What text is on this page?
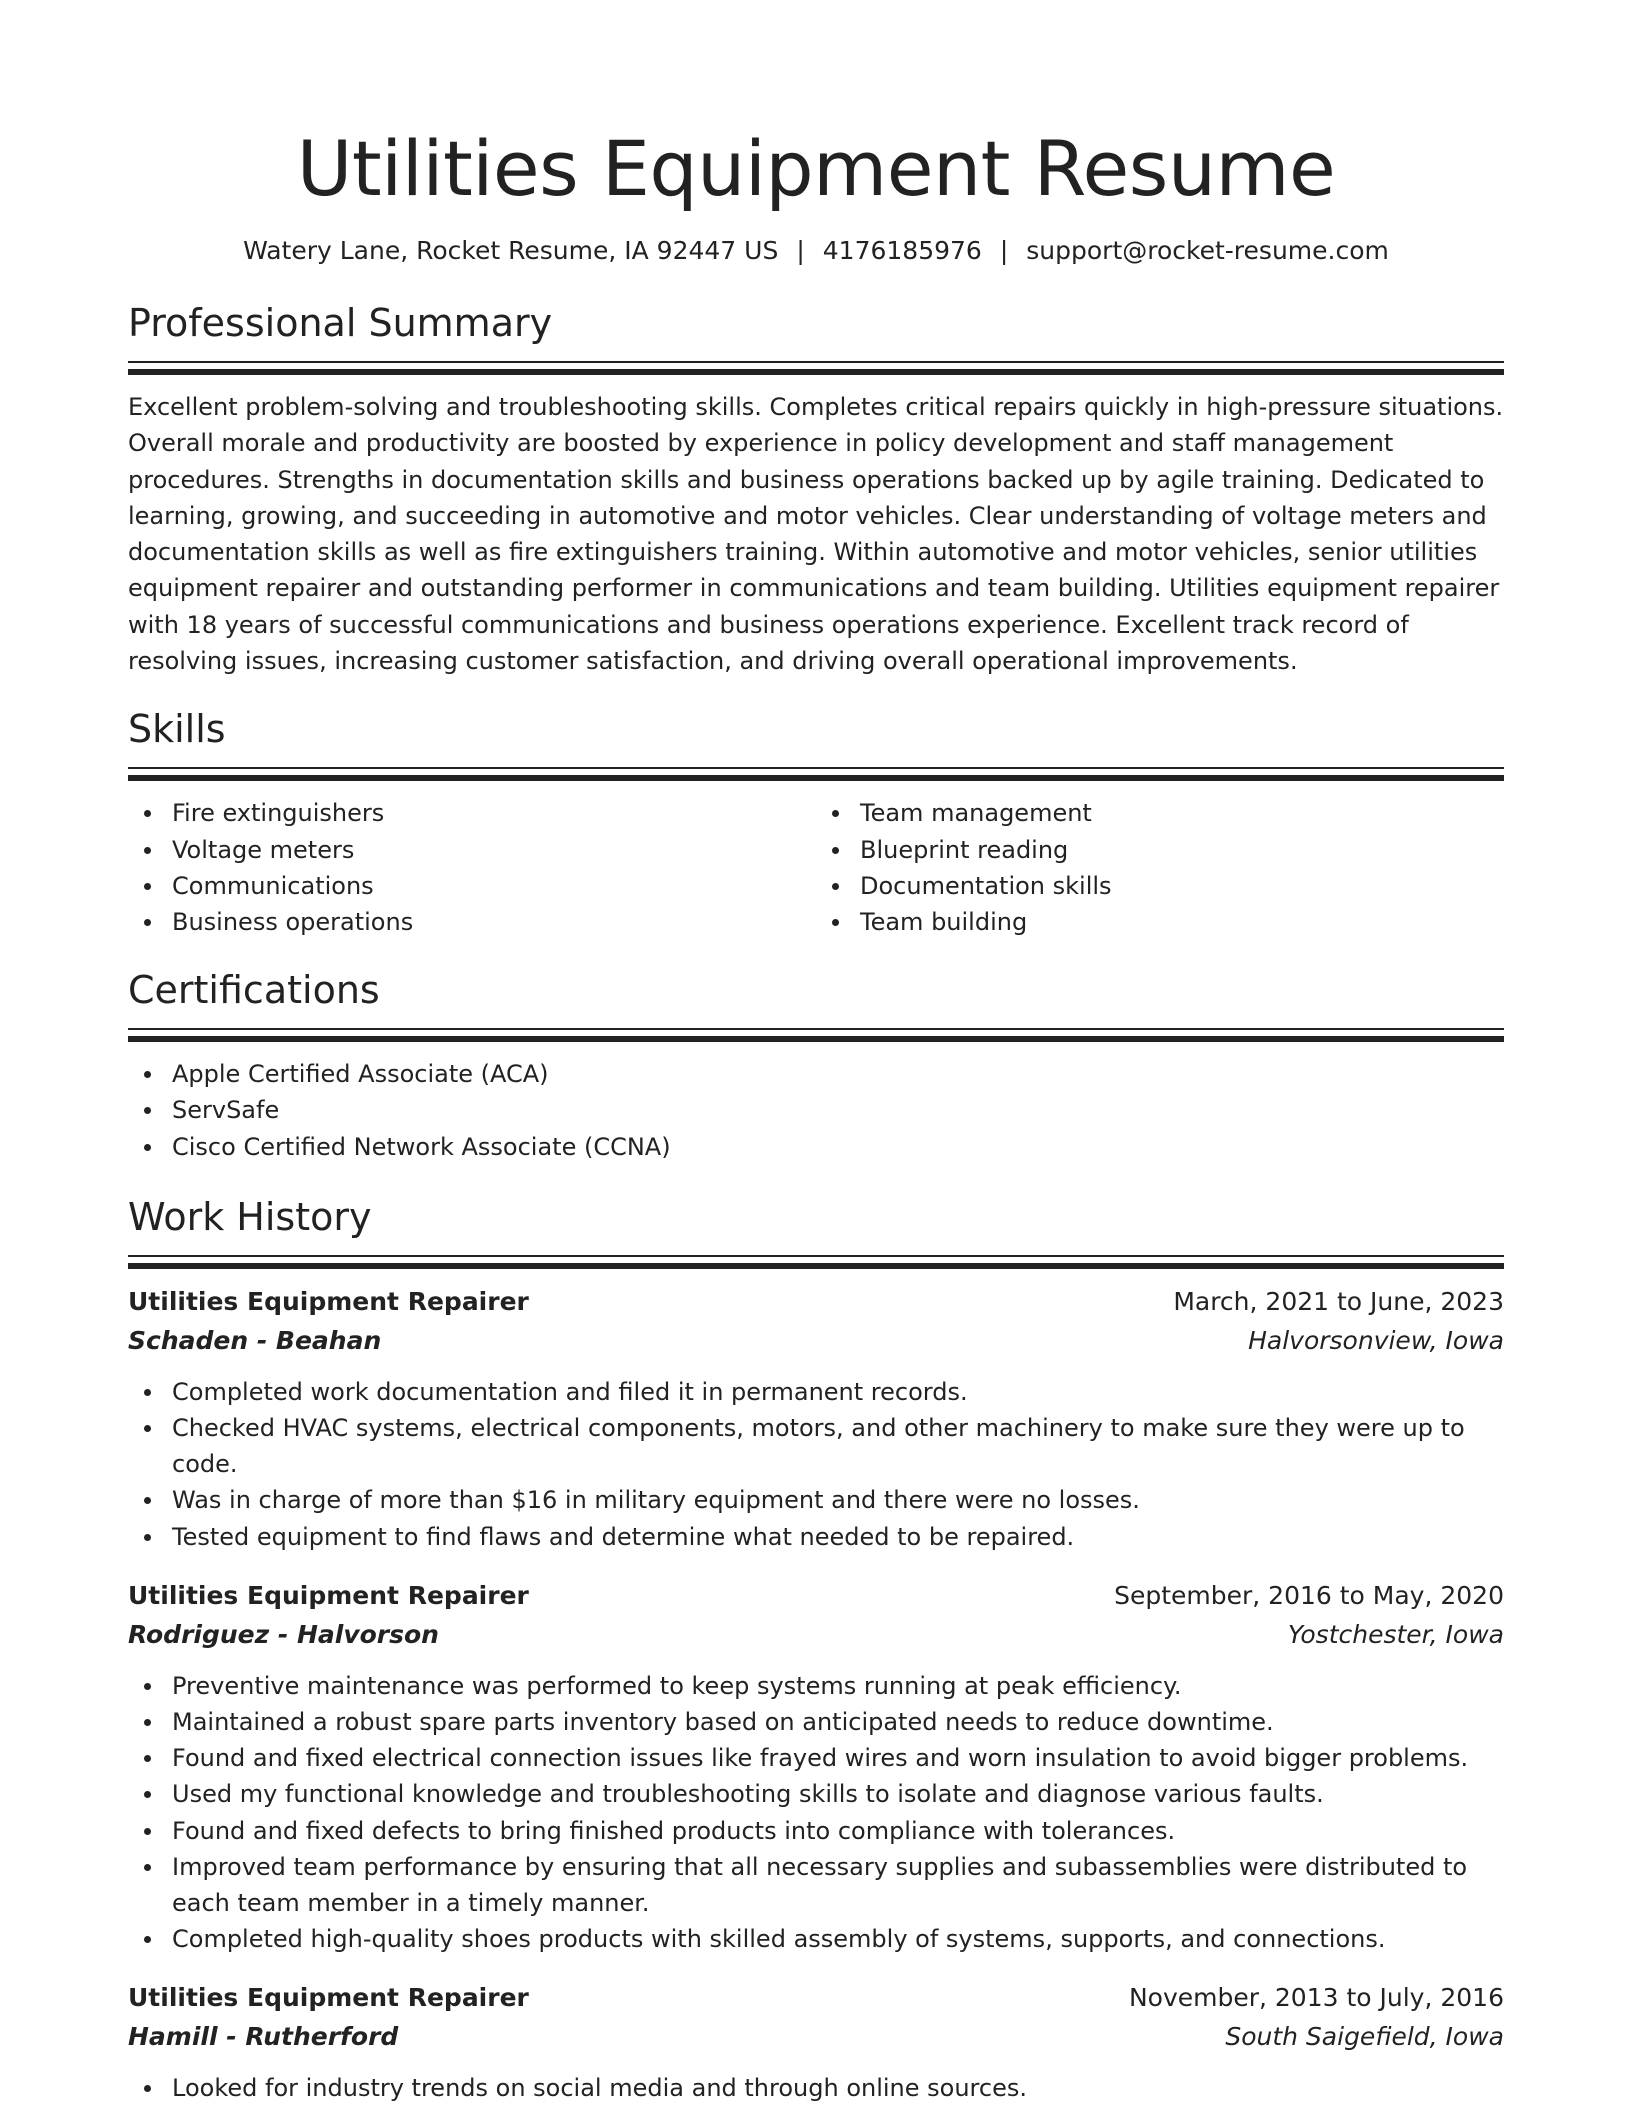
Utilities Equipment Resume
Watery Lane, Rocket Resume, IA 92447 US | 4176185976 | support@rocket-resume.com
Professional Summary

Excellent problem-solving and troubleshooting skills. Completes critical repairs quickly in high-pressure situations. Overall morale and productivity are boosted by experience in policy development and staff management procedures. Strengths in documentation skills and business operations backed up by agile training. Dedicated to learning, growing, and succeeding in automotive and motor vehicles. Clear understanding of voltage meters and documentation skills as well as fire extinguishers training. Within automotive and motor vehicles, senior utilities equipment repairer and outstanding performer in communications and team building. Utilities equipment repairer with 18 years of successful communications and business operations experience. Excellent track record of resolving issues, increasing customer satisfaction, and driving overall operational improvements.

Skills
Fire extinguishers
Voltage meters
Communications
Business operations
Team management
Blueprint reading
Documentation skills
Team building
Certifications
Apple Certified Associate (ACA)
ServSafe
Cisco Certified Network Associate (CCNA)
Work History
Utilities Equipment Repairer	March, 2021 to June, 2023
Schaden - Beahan	Halvorsonview, Iowa
Completed work documentation and filed it in permanent records.
Checked HVAC systems, electrical components, motors, and other machinery to make sure they were up to code.
Was in charge of more than $16 in military equipment and there were no losses.
Tested equipment to find flaws and determine what needed to be repaired.
Utilities Equipment Repairer	September, 2016 to May, 2020
Rodriguez - Halvorson	Yostchester, Iowa
Preventive maintenance was performed to keep systems running at peak efficiency.
Maintained a robust spare parts inventory based on anticipated needs to reduce downtime.
Found and fixed electrical connection issues like frayed wires and worn insulation to avoid bigger problems.
Used my functional knowledge and troubleshooting skills to isolate and diagnose various faults.
Found and fixed defects to bring finished products into compliance with tolerances.
Improved team performance by ensuring that all necessary supplies and subassemblies were distributed to each team member in a timely manner.
Completed high-quality shoes products with skilled assembly of systems, supports, and connections.
Utilities Equipment Repairer	November, 2013 to July, 2016
Hamill - Rutherford	South Saigefield, Iowa
Looked for industry trends on social media and through online sources.
